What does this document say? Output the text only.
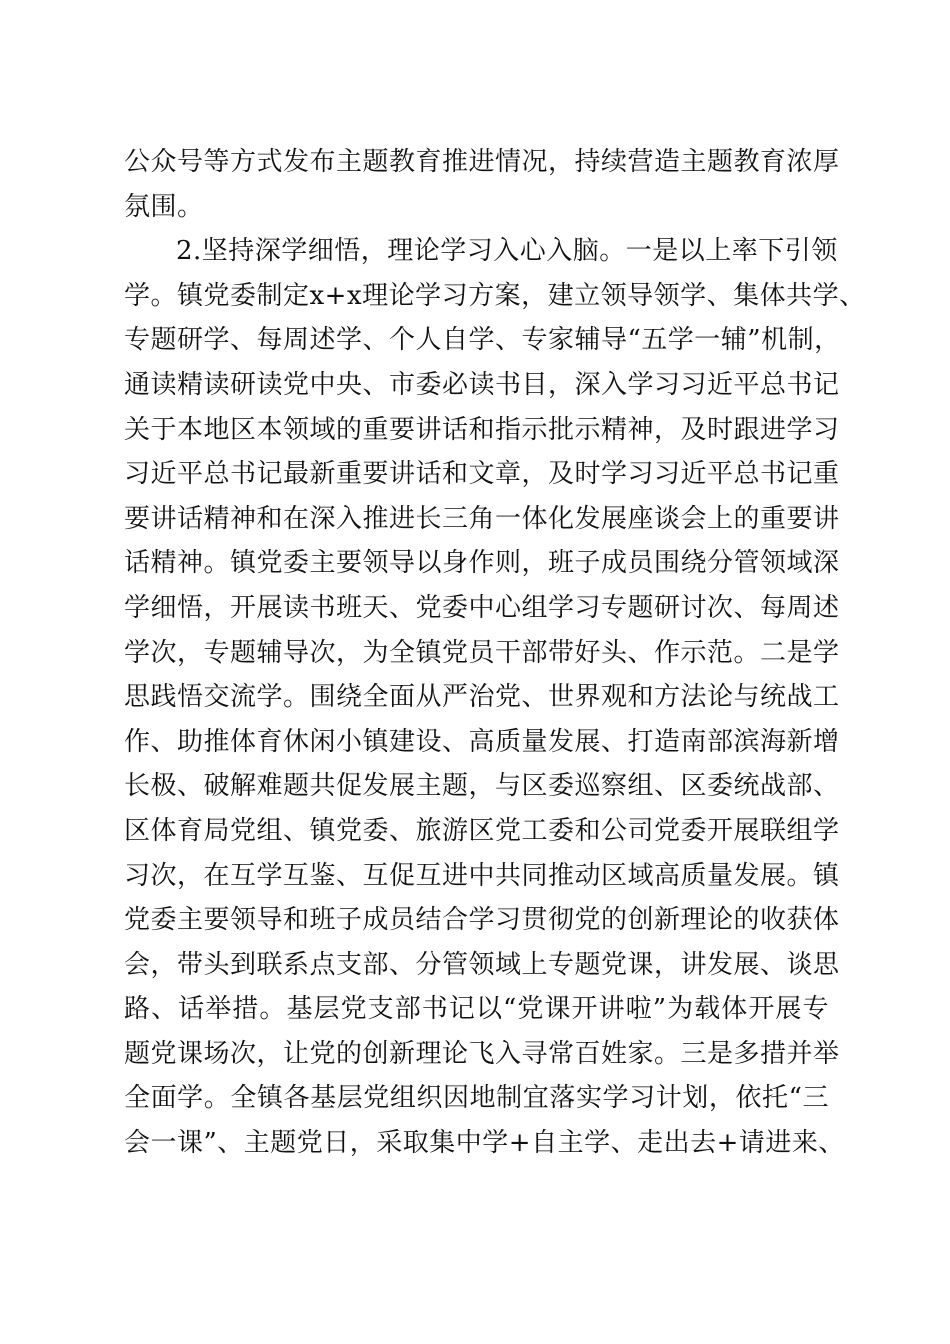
公众号等方式发布主题教育推进情况，持续营造主题教育浓厚
氛围。
2.坚持深学细悟，理论学习入心入脑。一是以上率下引领
学。镇党委制定x+x理论学习方案，建立领导领学、集体共学、
专题研学、每周述学、个人自学、专家辅导“五学一辅”机制，
通读精读研读党中央、市委必读书目，深入学习习近平总书记
关于本地区本领域的重要讲话和指示批示精神，及时跟进学习
习近平总书记最新重要讲话和文章，及时学习习近平总书记重
要讲话精神和在深入推进长三角一体化发展座谈会上的重要讲
话精神。镇党委主要领导以身作则，班子成员围绕分管领域深
学细悟，开展读书班天、党委中心组学习专题研讨次、每周述
学次，专题辅导次，为全镇党员干部带好头、作示范。二是学
思践悟交流学。围绕全面从严治党、世界观和方法论与统战工
作、助推体育休闲小镇建设、高质量发展、打造南部滨海新增
长极、破解难题共促发展主题，与区委巡察组、区委统战部、
区体育局党组、镇党委、旅游区党工委和公司党委开展联组学
习次，在互学互鉴、互促互进中共同推动区域高质量发展。镇
党委主要领导和班子成员结合学习贯彻党的创新理论的收获体
会，带头到联系点支部、分管领域上专题党课，讲发展、谈思
路、话举措。基层党支部书记以“党课开讲啦”为载体开展专
题党课场次，让党的创新理论飞入寻常百姓家。三是多措并举
全面学。全镇各基层党组织因地制宜落实学习计划，依托“三
会一课”、主题党日，采取集中学+自主学、走出去+请进来、
